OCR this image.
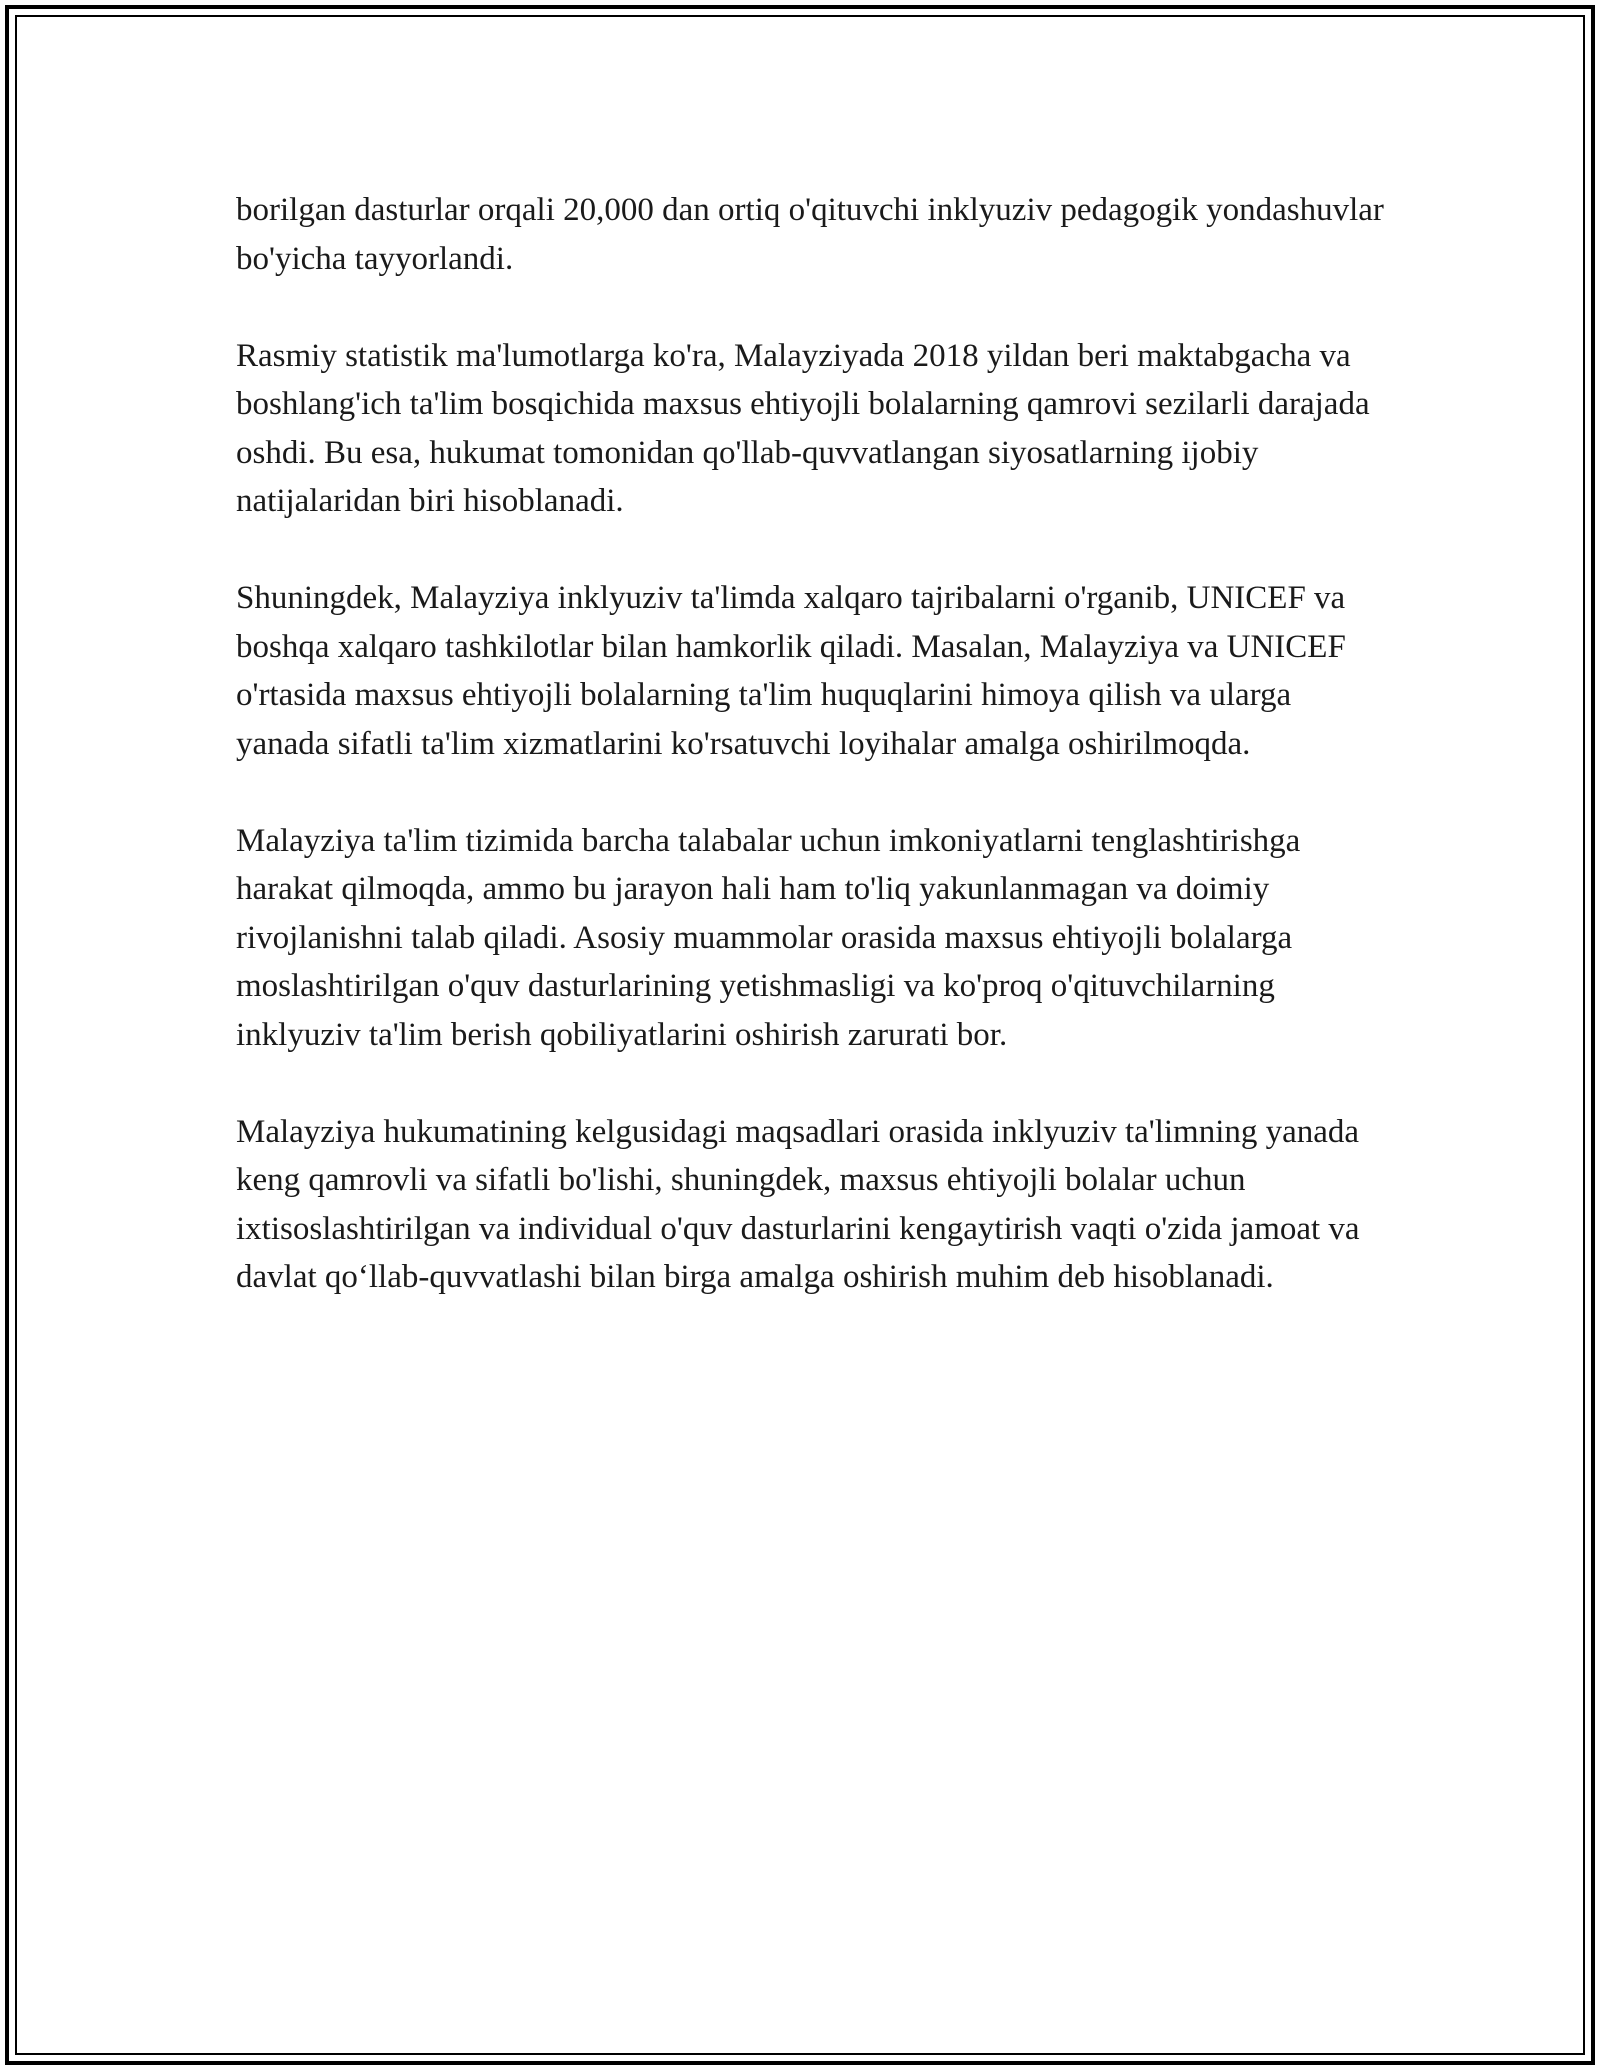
borilgan dasturlar orqali 20,000 dan ortiq o'qituvchi inklyuziv pedagogik yondashuvlar bo'yicha tayyorlandi.

Rasmiy statistik ma'lumotlarga ko'ra, Malayziyada 2018 yildan beri maktabgacha va boshlang'ich ta'lim bosqichida maxsus ehtiyojli bolalarning qamrovi sezilarli darajada oshdi. Bu esa, hukumat tomonidan qo'llab-quvvatlangan siyosatlarning ijobiy natijalaridan biri hisoblanadi.

Shuningdek, Malayziya inklyuziv ta'limda xalqaro tajribalarni o'rganib, UNICEF va boshqa xalqaro tashkilotlar bilan hamkorlik qiladi. Masalan, Malayziya va UNICEF o'rtasida maxsus ehtiyojli bolalarning ta'lim huquqlarini himoya qilish va ularga yanada sifatli ta'lim xizmatlarini ko'rsatuvchi loyihalar amalga oshirilmoqda.

Malayziya ta'lim tizimida barcha talabalar uchun imkoniyatlarni tenglashtirishga harakat qilmoqda, ammo bu jarayon hali ham to'liq yakunlanmagan va doimiy rivojlanishni talab qiladi. Asosiy muammolar orasida maxsus ehtiyojli bolalarga moslashtirilgan o'quv dasturlarining yetishmasligi va ko'proq o'qituvchilarning inklyuziv ta'lim berish qobiliyatlarini oshirish zarurati bor.

Malayziya hukumatining kelgusidagi maqsadlari orasida inklyuziv ta'limning yanada keng qamrovli va sifatli bo'lishi, shuningdek, maxsus ehtiyojli bolalar uchun ixtisoslashtirilgan va individual o'quv dasturlarini kengaytirish vaqti o'zida jamoat va davlat qo‘llab-quvvatlashi bilan birga amalga oshirish muhim deb hisoblanadi.
